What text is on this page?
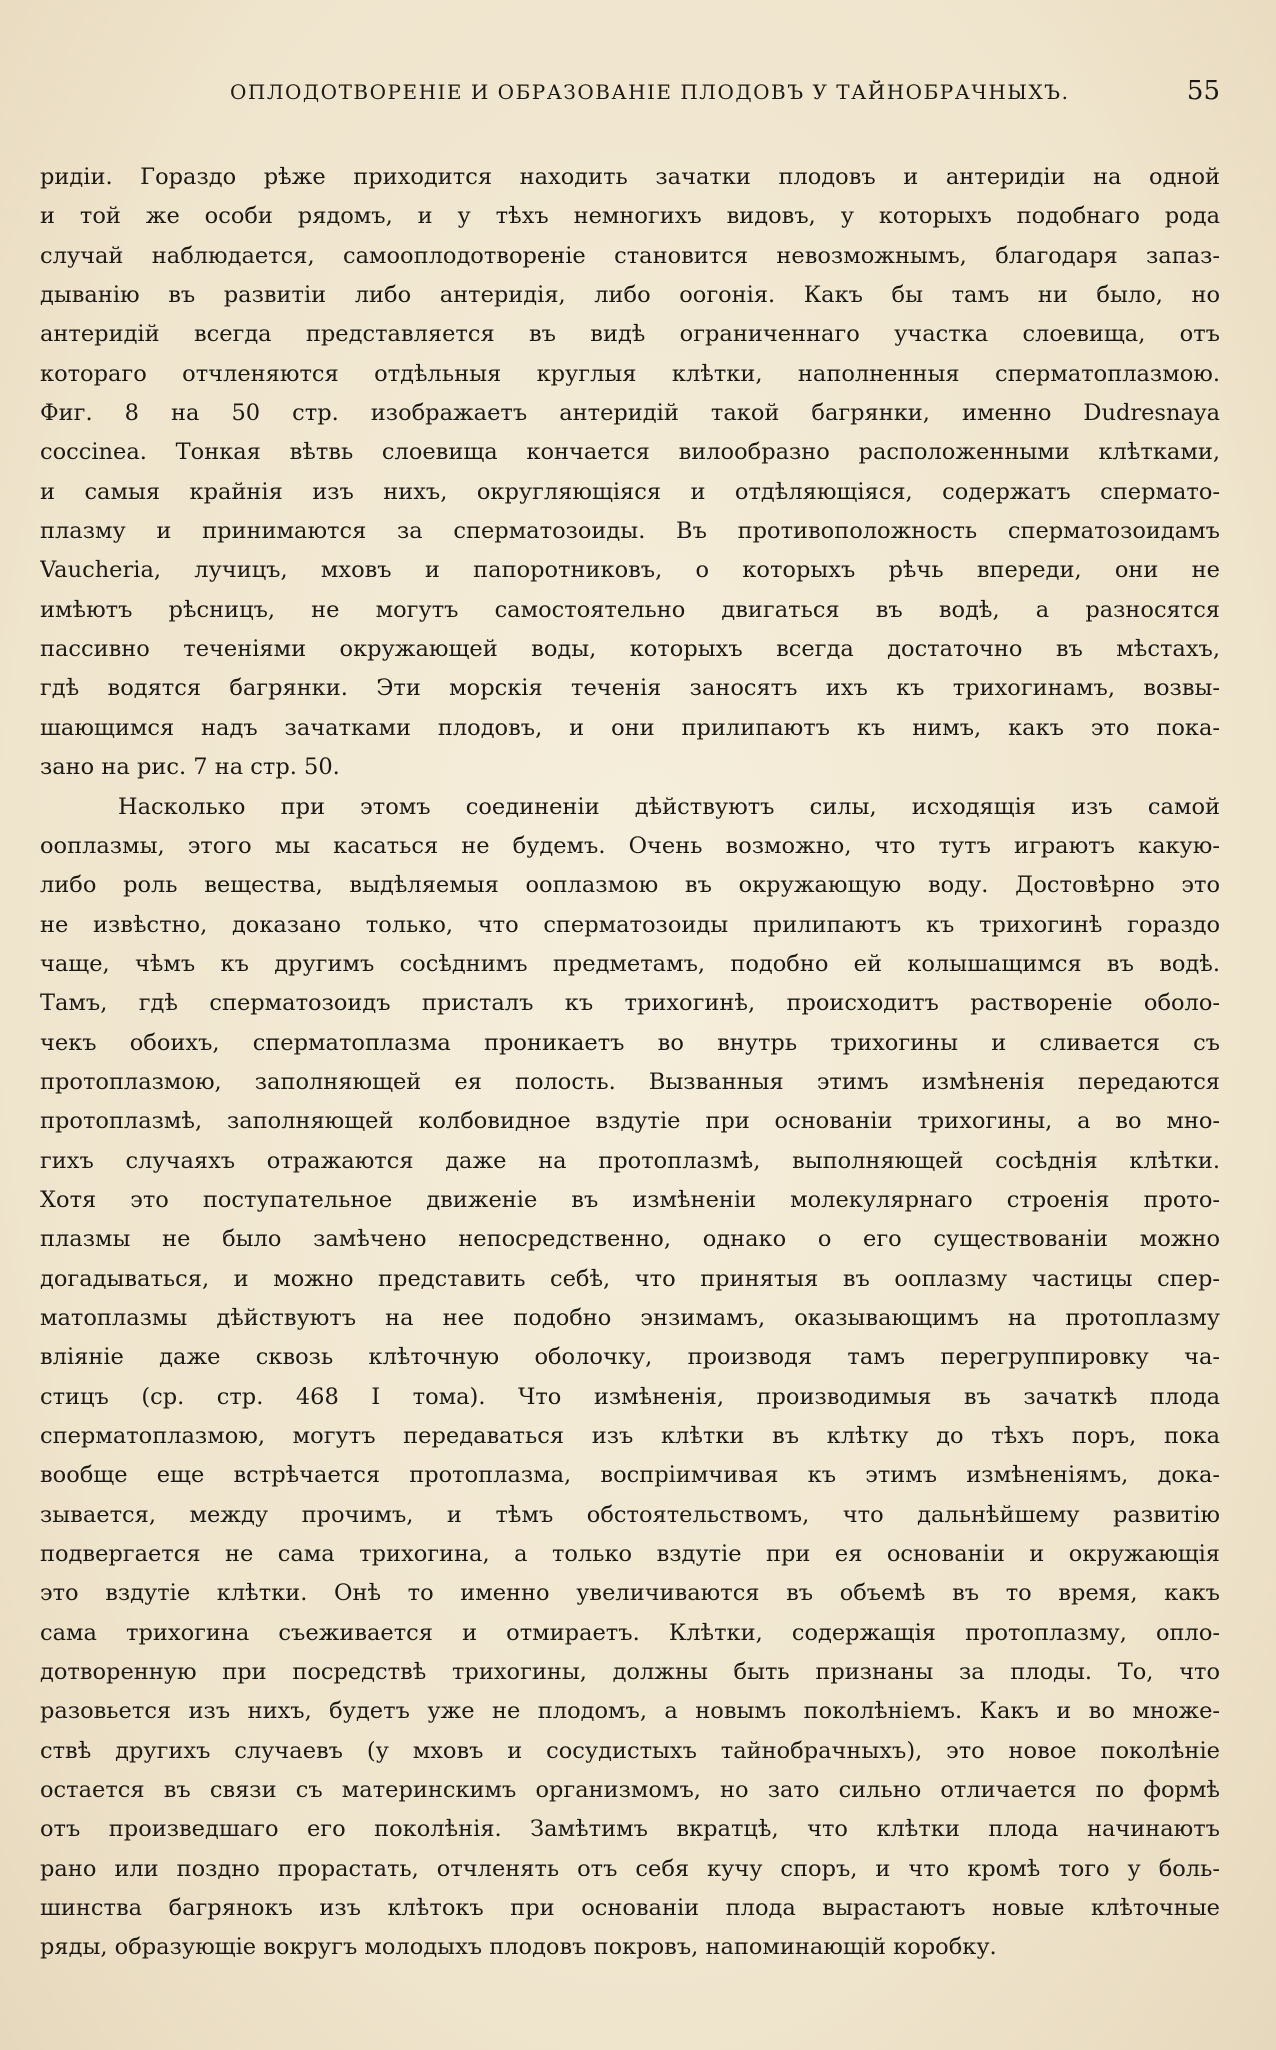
ОПЛОДОТВОРЕНІЕ И ОБРАЗОВАНІЕ ПЛОДОВЪ У ТАЙНОБРАЧНЫХЪ.	55
ридіи. Гораздо рѣже приходится находить зачатки плодовъ и антеридіи на одной
и той же особи рядомъ, и у тѣхъ немногихъ видовъ, у которыхъ подобнаго рода
случай наблюдается, самооплодотвореніе становится невозможнымъ, благодаря запаз-
дыванію въ развитіи либо антеридія, либо оогонія. Какъ бы тамъ ни было, но
антеридій всегда представляется въ видѣ ограниченнаго участка слоевища, отъ
котораго отчленяются отдѣльныя круглыя клѣтки, наполненныя сперматоплазмою.
Фиг. 8 на 50 стр. изображаетъ антеридій такой багрянки, именно Dudresnaya
coccinea. Тонкая вѣтвь слоевища кончается вилообразно расположенными клѣтками,
и самыя крайнія изъ нихъ, округляющіяся и отдѣляющіяся, содержатъ спермато-
плазму и принимаются за сперматозоиды. Въ противоположность сперматозоидамъ
Vaucheria, лучицъ, мховъ и папоротниковъ, о которыхъ рѣчь впереди, они не
имѣютъ рѣсницъ, не могутъ самостоятельно двигаться въ водѣ, а разносятся
пассивно теченіями окружающей воды, которыхъ всегда достаточно въ мѣстахъ,
гдѣ водятся багрянки. Эти морскія теченія заносятъ ихъ къ трихогинамъ, возвы-
шающимся надъ зачатками плодовъ, и они прилипаютъ къ нимъ, какъ это пока-
зано на рис. 7 на стр. 50.
Насколько при этомъ соединеніи дѣйствуютъ силы, исходящія изъ самой
ооплазмы, этого мы касаться не будемъ. Очень возможно, что тутъ играютъ какую-
либо роль вещества, выдѣляемыя ооплазмою въ окружающую воду. Достовѣрно это
не извѣстно, доказано только, что сперматозоиды прилипаютъ къ трихогинѣ гораздо
чаще, чѣмъ къ другимъ сосѣднимъ предметамъ, подобно ей колышащимся въ водѣ.
Тамъ, гдѣ сперматозоидъ присталъ къ трихогинѣ, происходитъ раствореніе оболо-
чекъ обоихъ, сперматоплазма проникаетъ во внутрь трихогины и сливается съ
протоплазмою, заполняющей ея полость. Вызванныя этимъ измѣненія передаются
протоплазмѣ, заполняющей колбовидное вздутіе при основаніи трихогины, а во мно-
гихъ случаяхъ отражаются даже на протоплазмѣ, выполняющей сосѣднія клѣтки.
Хотя это поступательное движеніе въ измѣненіи молекулярнаго строенія прото-
плазмы не было замѣчено непосредственно, однако о его существованіи можно
догадываться, и можно представить себѣ, что принятыя въ ооплазму частицы спер-
матоплазмы дѣйствуютъ на нее подобно энзимамъ, оказывающимъ на протоплазму
вліяніе даже сквозь клѣточную оболочку, производя тамъ перегруппировку ча-
стицъ (ср. стр. 468 I тома). Что измѣненія, производимыя въ зачаткѣ плода
сперматоплазмою, могутъ передаваться изъ клѣтки въ клѣтку до тѣхъ поръ, пока
вообще еще встрѣчается протоплазма, воспріимчивая къ этимъ измѣненіямъ, дока-
зывается, между прочимъ, и тѣмъ обстоятельствомъ, что дальнѣйшему развитію
подвергается не сама трихогина, а только вздутіе при ея основаніи и окружающія
это вздутіе клѣтки. Онѣ то именно увеличиваются въ объемѣ въ то время, какъ
сама трихогина съеживается и отмираетъ. Клѣтки, содержащія протоплазму, опло-
дотворенную при посредствѣ трихогины, должны быть признаны за плоды. То, что
разовьется изъ нихъ, будетъ уже не плодомъ, а новымъ поколѣніемъ. Какъ и во множе-
ствѣ другихъ случаевъ (у мховъ и сосудистыхъ тайнобрачныхъ), это новое поколѣніе
остается въ связи съ материнскимъ организмомъ, но зато сильно отличается по формѣ
отъ произведшаго его поколѣнія. Замѣтимъ вкратцѣ, что клѣтки плода начинаютъ
рано или поздно прорастать, отчленять отъ себя кучу споръ, и что кромѣ того у боль-
шинства багрянокъ изъ клѣтокъ при основаніи плода вырастаютъ новые клѣточные
ряды, образующіе вокругъ молодыхъ плодовъ покровъ, напоминающій коробку.
